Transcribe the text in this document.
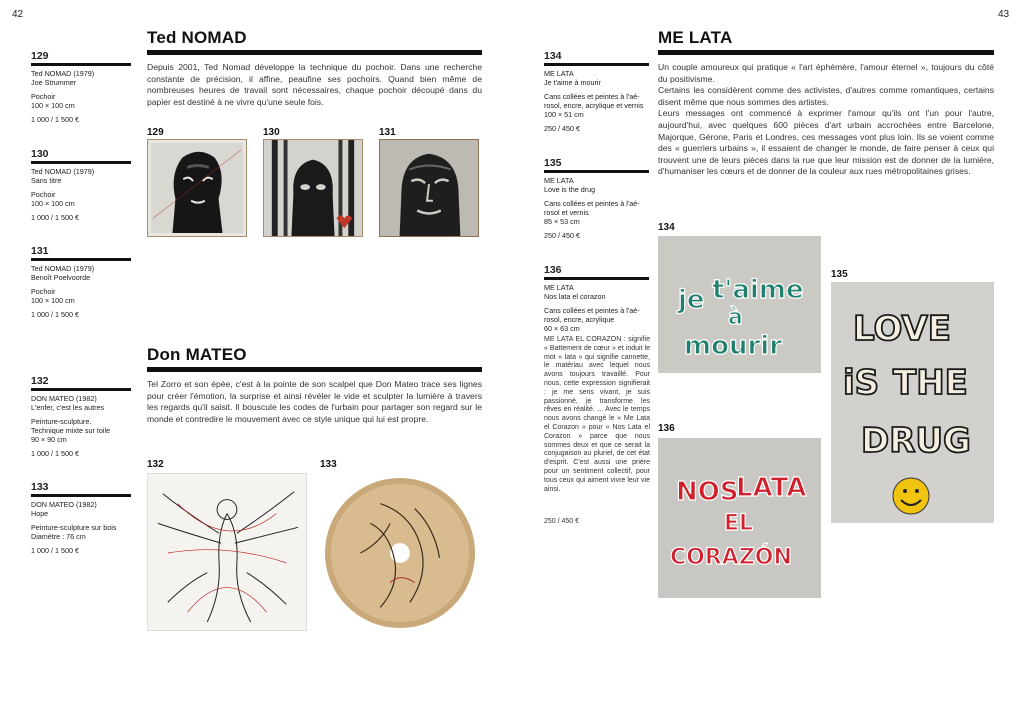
42	43
129
Ted NOMAD (1979)
Joe Strummer
Pochoir
100 × 100 cm
1 000 / 1 500 €
130
Ted NOMAD (1979)
Sans titre
Pochoir
100 × 100 cm
1 000 / 1 500 €
131
Ted NOMAD (1979)
Benoît Poelvoorde
Pochoir
100 × 100 cm
1 000 / 1 500 €
132
DON MATEO (1982)
L'enfer, c'est les autres
Peinture-sculpture.
Technique mixte sur toile
90 × 90 cm
1 000 / 1 500 €
133
DON MATEO (1982)
Hope
Peinture-sculpture sur bois
Diamètre : 76 cm
1 000 / 1 500 €
Ted NOMAD
Depuis 2001, Ted Nomad développe la technique du pochoir. Dans une recherche constante de précision, il affine, peaufine ses pochoirs. Quand bien même de nombreuses heures de travail sont nécessaires, chaque pochoir découpé dans du papier est destiné à ne vivre qu'une seule fois.
129	130	131
Don MATEO
Tel Zorro et son épée, c'est à la pointe de son scalpel que Don Mateo trace ses lignes pour créer l'émotion, la surprise et ainsi révéler le vide et sculpter la lumière à travers les regards qu'il saisit. Il bouscule les codes de l'urbain pour partager son regard sur le monde et contredire le mouvement avec ce style unique qui lui est propre.
132	133
134
ME LATA
Je t'aime à mourir
Cans collées et peintes à l'aé-
rosol, encre, acrylique et vernis
100 × 51 cm
250 / 450 €
135
ME LATA
Love is the drug
Cans collées et peintes à l'aé-
rosol et vernis
85 × 53 cm
250 / 450 €
136
ME LATA
Nos lata el corazon
Cans collées et peintes à l'aé-
rosol, encre, acrylique
60 × 63 cm
ME LATA EL CORAZON : signifie « Battement de cœur » et induit le mot « lata » qui signifie cannette, le matériau avec lequel nous avons toujours travaillé. Pour nous, cette expression signifierait : je me sens vivant, je suis passionné, je transforme les rêves en réalité. ... Avec le temps nous avons changé le « Me Lata el Corazon » pour « Nos Lata el Corazon » parce que nous sommes deux et que ce serait la conjugaison au pluriel, de cet état d'esprit. C'est aussi une prière pour un sentiment collectif, pour tous ceux qui aiment vivre leur vie ainsi.
250 / 450 €
ME LATA

Un couple amoureux qui pratique « l'art éphémère, l'amour éternel », toujours du côté du positivisme.

Certains les considèrent comme des activistes, d'autres comme romantiques, certains disent même que nous sommes des artistes.

Leurs messages ont commencé à exprimer l'amour qu'ils ont l'un pour l'autre, aujourd'hui, avec quelques 600 pièces d'art urbain accrochées entre Barcelone, Majorque, Gérone, Paris et Londres, ces messages vont plus loin. Ils se voient comme des « guerriers urbains », il essaient de changer le monde, de faire penser à ceux qui trouvent une de leurs pièces dans la rue que leur mission est de donner de la lumière, d'humaniser les cœurs et de donner de la couleur aux rues métropolitaines grises.

134
135
136
je t'aime
à
mourir LOVE
iS THE
DRUG
NOS
LATA
EL
CORAZÓN
